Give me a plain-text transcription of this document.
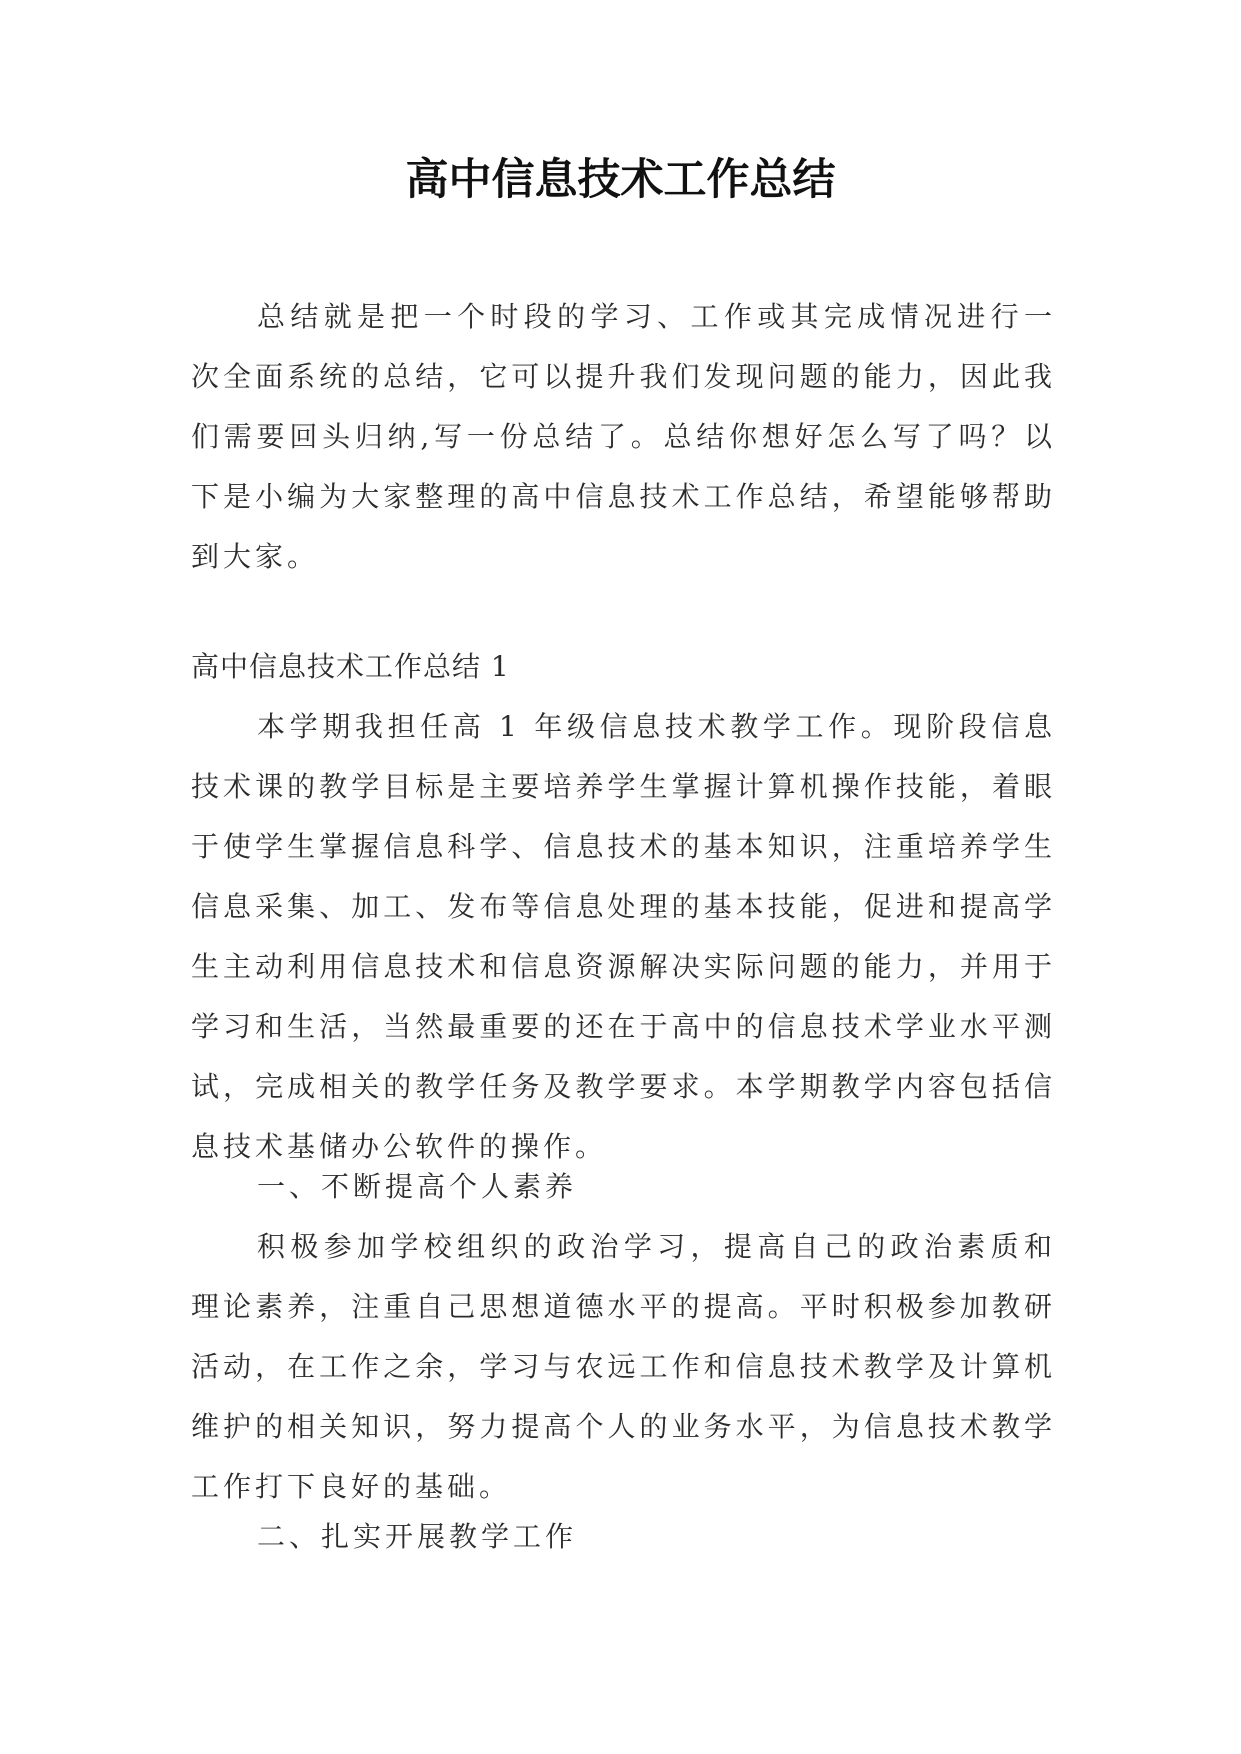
高中信息技术工作总结

总结就是把一个时段的学习、工作或其完成情况进行一次全面系统的总结，它可以提升我们发现问题的能力，因此我们需要回头归纳,写一份总结了。总结你想好怎么写了吗？以下是小编为大家整理的高中信息技术工作总结，希望能够帮助到大家。

高中信息技术工作总结 1

本学期我担任高 1 年级信息技术教学工作。现阶段信息技术课的教学目标是主要培养学生掌握计算机操作技能，着眼于使学生掌握信息科学、信息技术的基本知识，注重培养学生信息采集、加工、发布等信息处理的基本技能，促进和提高学生主动利用信息技术和信息资源解决实际问题的能力，并用于学习和生活，当然最重要的还在于高中的信息技术学业水平测试，完成相关的教学任务及教学要求。本学期教学内容包括信息技术基储办公软件的操作。

一、不断提高个人素养

积极参加学校组织的政治学习，提高自己的政治素质和理论素养，注重自己思想道德水平的提高。平时积极参加教研活动，在工作之余，学习与农远工作和信息技术教学及计算机维护的相关知识，努力提高个人的业务水平，为信息技术教学工作打下良好的基础。

二、扎实开展教学工作
